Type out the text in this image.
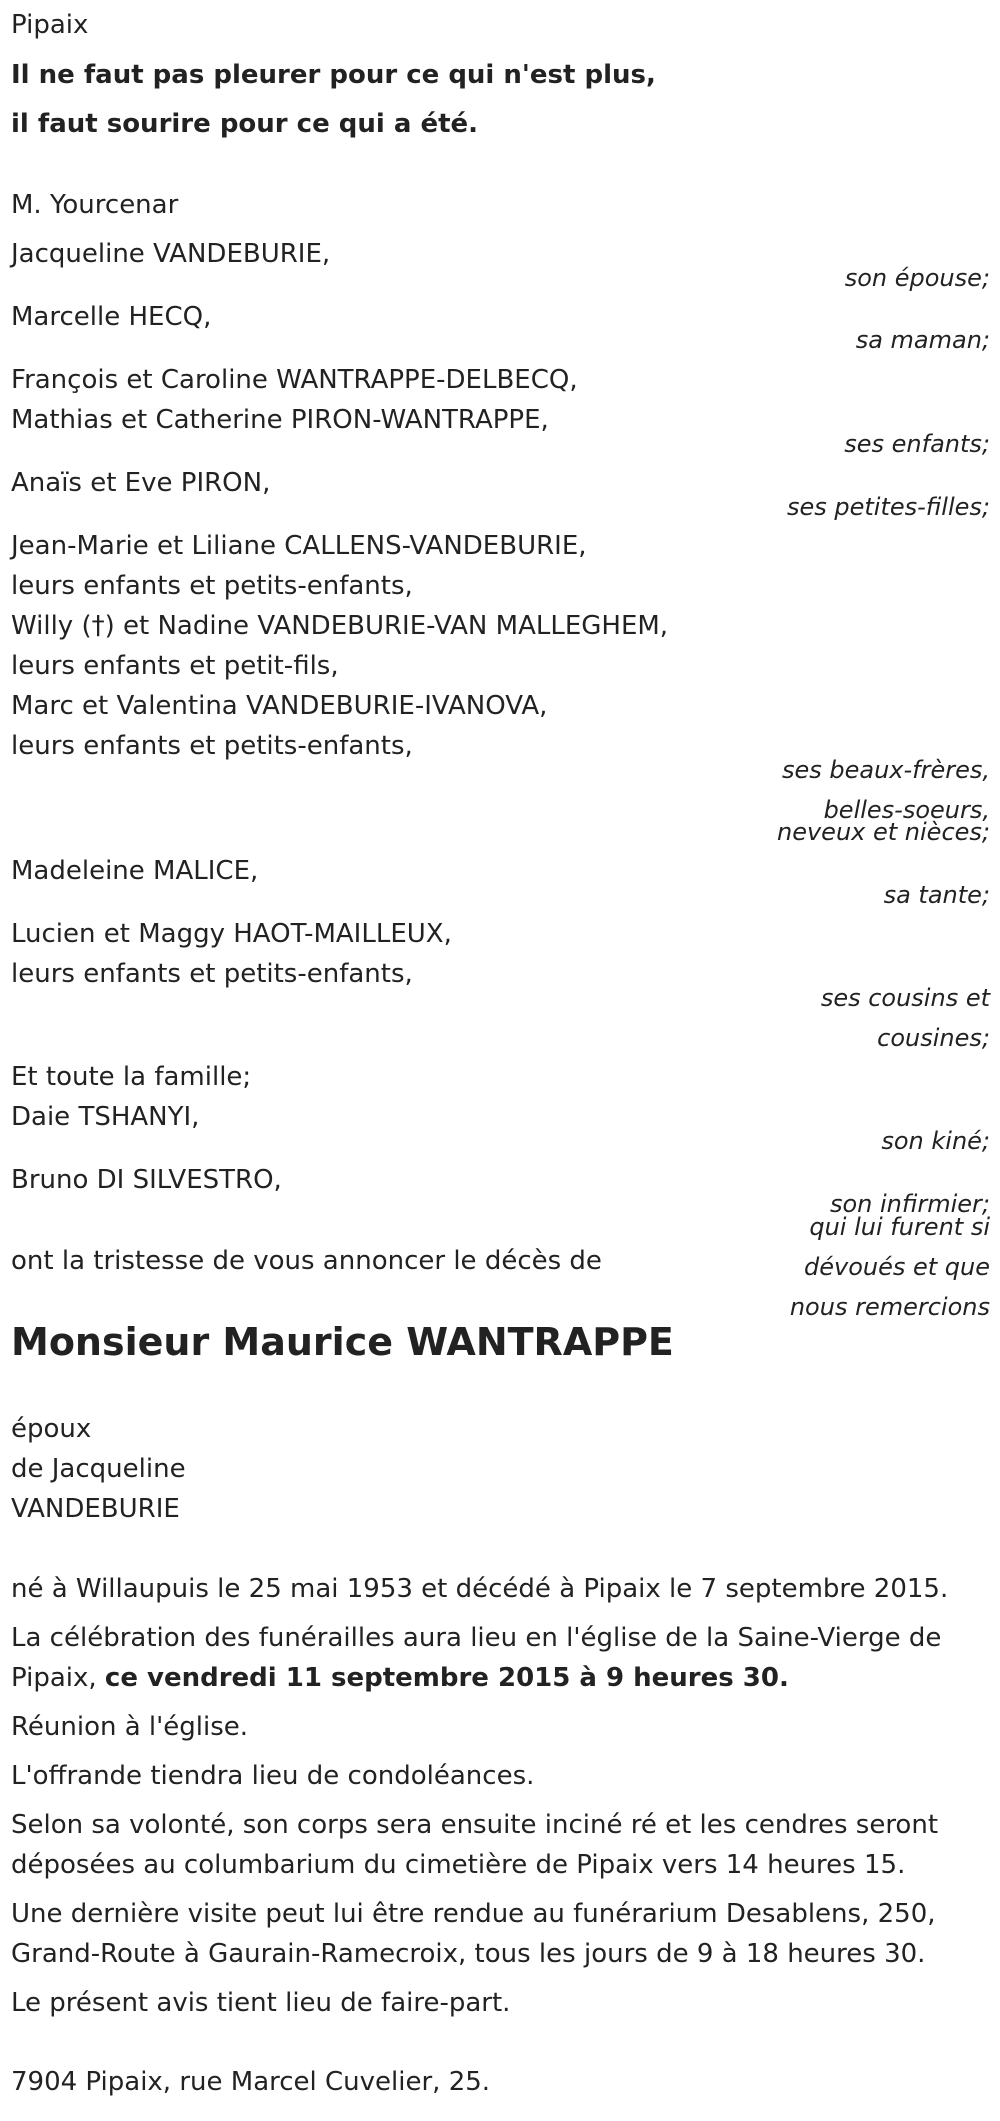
Pipaix
Il ne faut pas pleurer pour ce qui n'est plus,
il faut sourire pour ce qui a été.
M. Yourcenar
Jacqueline VANDEBURIE,
son épouse;
Marcelle HECQ,
sa maman;
François et Caroline WANTRAPPE-DELBECQ,
Mathias et Catherine PIRON-WANTRAPPE,
ses enfants;
Anaïs et Eve PIRON,
ses petites-filles;
Jean-Marie et Liliane CALLENS-VANDEBURIE,
leurs enfants et petits-enfants,
Willy (†) et Nadine VANDEBURIE-VAN MALLEGHEM,
leurs enfants et petit-fils,
Marc et Valentina VANDEBURIE-IVANOVA,
leurs enfants et petits-enfants,
ses beaux-frères,
belles-soeurs,
neveux et nièces;
Madeleine MALICE,
sa tante;
Lucien et Maggy HAOT-MAILLEUX,
leurs enfants et petits-enfants,
ses cousins et
cousines;
Et toute la famille;
Daie TSHANYI,
son kiné;
Bruno DI SILVESTRO,
son infirmier;
qui lui furent si
dévoués et que
nous remercions
ont la tristesse de vous annoncer le décès de
Monsieur Maurice WANTRAPPE
époux
de Jacqueline
VANDEBURIE
né à Willaupuis le 25 mai 1953 et décédé à Pipaix le 7 septembre 2015.
La célébration des funérailles aura lieu en l'église de la Saine-Vierge de
Pipaix, ce vendredi 11 septembre 2015 à 9 heures 30.
Réunion à l'église.
L'offrande tiendra lieu de condoléances.
Selon sa volonté, son corps sera ensuite inciné ré et les cendres seront
déposées au columbarium du cimetière de Pipaix vers 14 heures 15.
Une dernière visite peut lui être rendue au funérarium Desablens, 250,
Grand-Route à Gaurain-Ramecroix, tous les jours de 9 à 18 heures 30.
Le présent avis tient lieu de faire-part.
7904 Pipaix, rue Marcel Cuvelier, 25.
